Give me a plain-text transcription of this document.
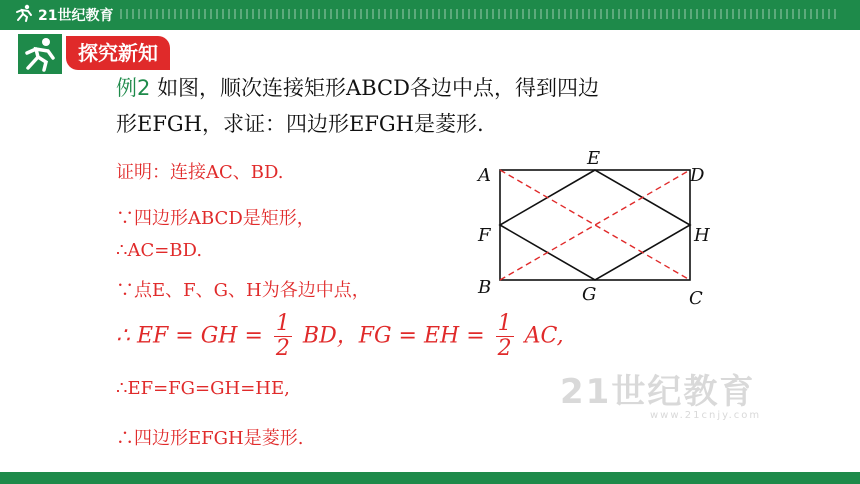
21世纪教育
探究新知
例2 如图，顺次连接矩形ABCD各边中点，得到四边
形EFGH，求证：四边形EFGH是菱形.
证明：连接AC、BD.
∵四边形ABCD是矩形，
∴AC=BD.
∵点E、F、G、H为各边中点，
∴ EF = GH = $\frac{1}{2}$ BD，FG = EH = $\frac{1}{2}$ AC,
∴EF=FG=GH=HE,
∴四边形EFGH是菱形.
A	D
E
F	H
B	G	C
21世纪教育
www.21cnjy.com
